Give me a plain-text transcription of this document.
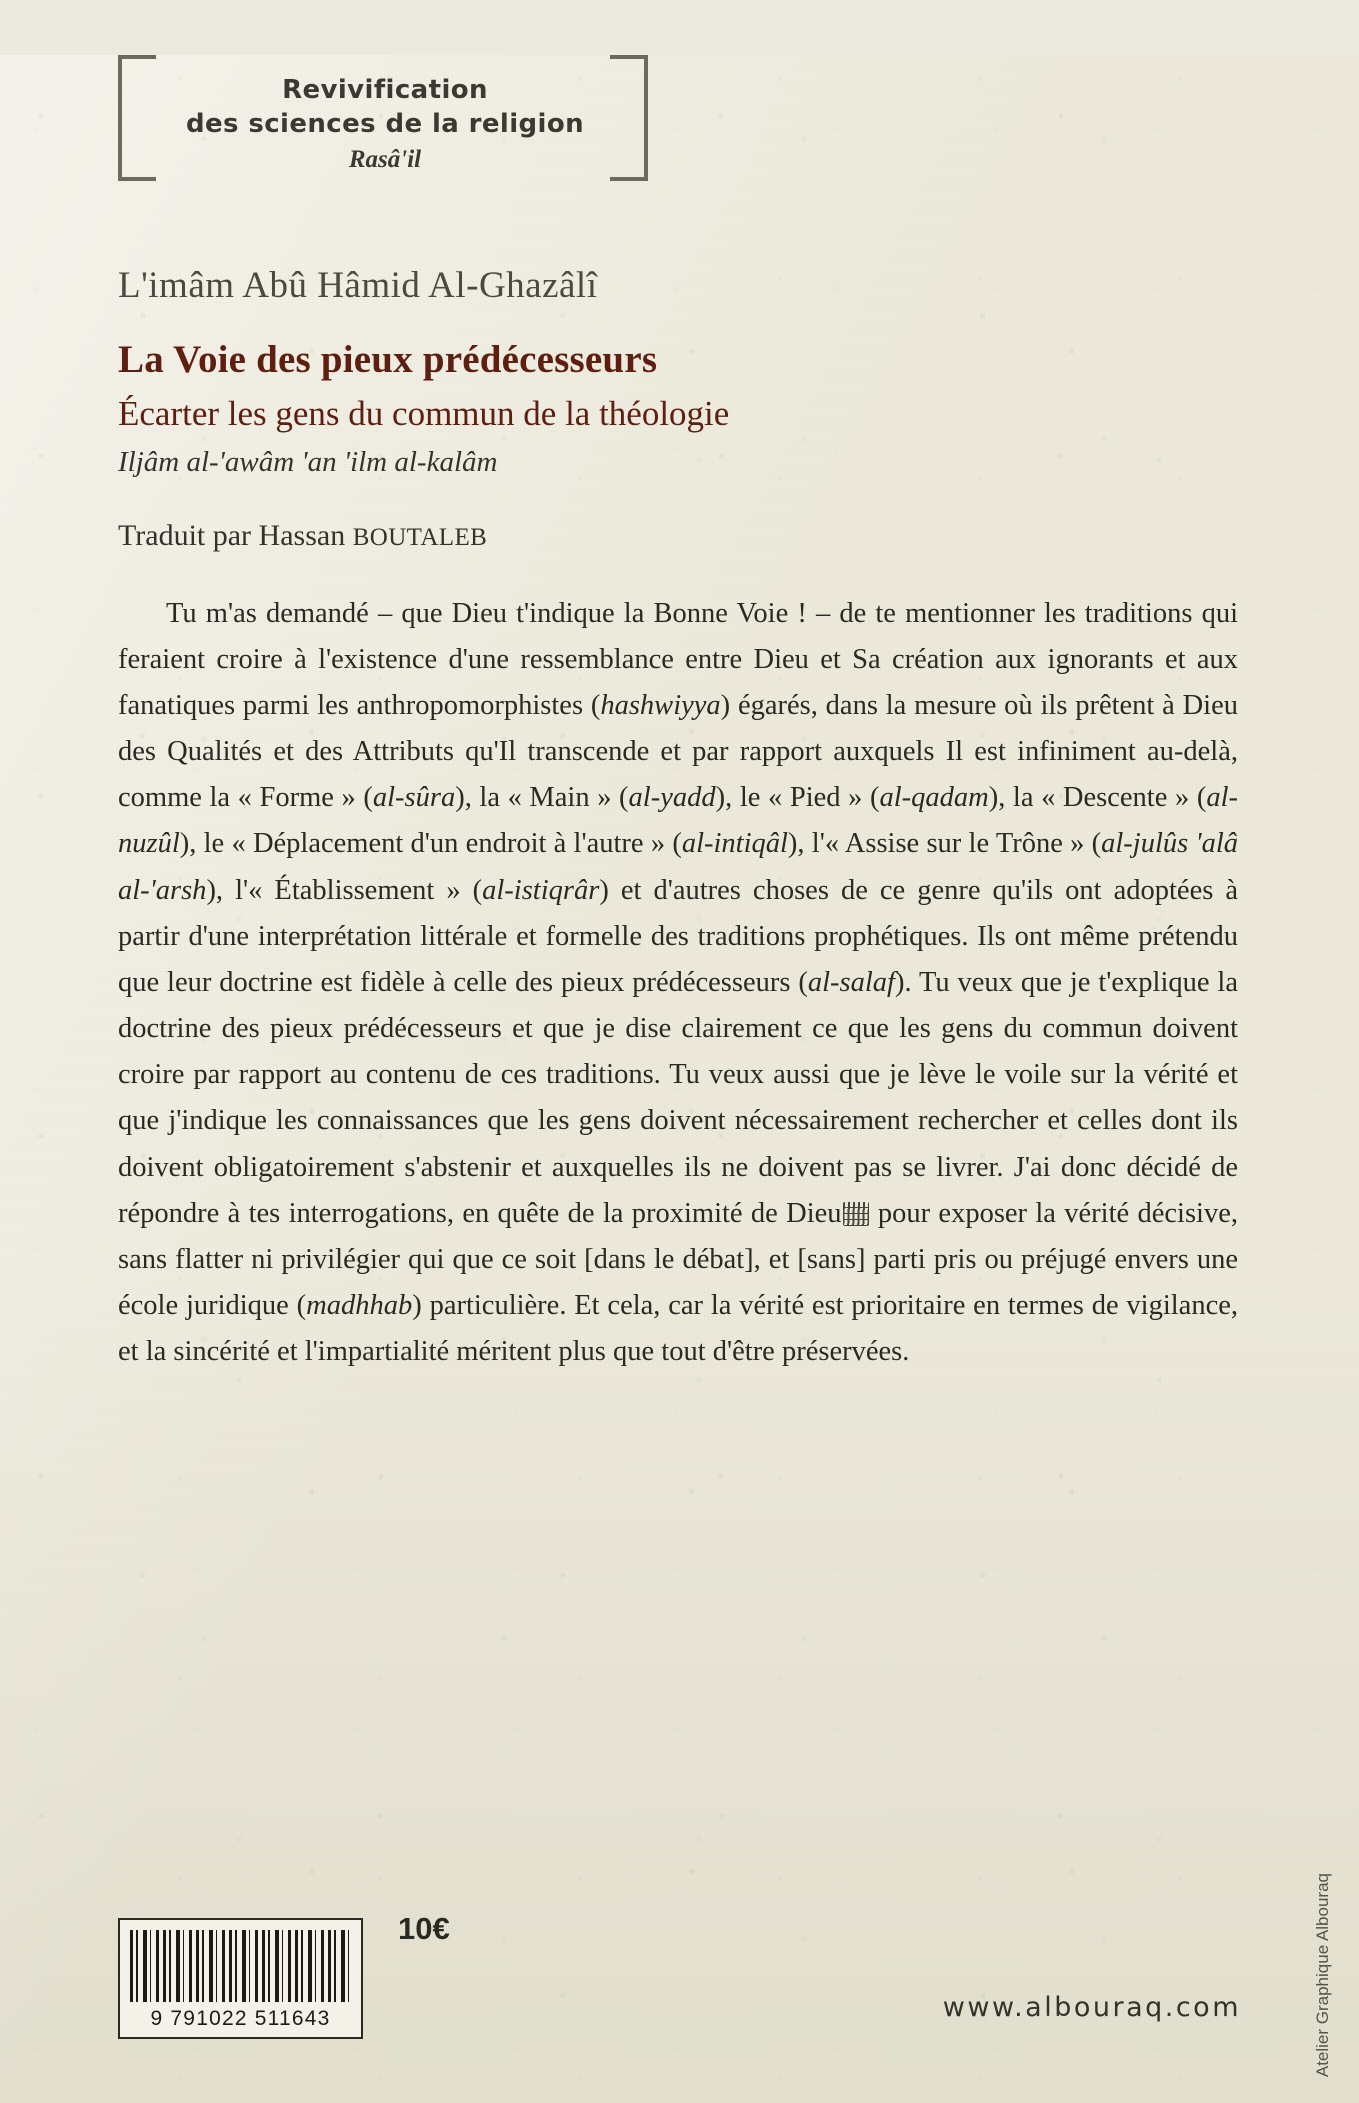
Revivification
des sciences de la religion
Rasâ'il
L'imâm Abû Hâmid Al-Ghazâlî
La Voie des pieux prédécesseurs
Écarter les gens du commun de la théologie
Iljâm al-'awâm 'an 'ilm al-kalâm
Traduit par Hassan BOUTALEB

Tu m'as demandé – que Dieu t'indique la Bonne Voie ! – de te mentionner les traditions qui feraient croire à l'existence d'une ressemblance entre Dieu et Sa création aux ignorants et aux fanatiques parmi les anthropomorphistes (hashwiyya) égarés, dans la mesure où ils prêtent à Dieu des Qualités et des Attributs qu'Il transcende et par rapport auxquels Il est infiniment au-delà, comme la « Forme » (al-sûra), la « Main » (al-yadd), le « Pied » (al-qadam), la « Descente » (al-nuzûl), le « Déplacement d'un endroit à l'autre » (al-intiqâl), l'« Assise sur le Trône » (al-julûs 'alâ al-'arsh), l'« Établissement » (al-istiqrâr) et d'autres choses de ce genre qu'ils ont adoptées à partir d'une interprétation littérale et formelle des traditions prophétiques. Ils ont même prétendu que leur doctrine est fidèle à celle des pieux prédécesseurs (al-salaf). Tu veux que je t'explique la doctrine des pieux prédécesseurs et que je dise clairement ce que les gens du commun doivent croire par rapport au contenu de ces traditions. Tu veux aussi que je lève le voile sur la vérité et que j'indique les connaissances que les gens doivent nécessairement rechercher et celles dont ils doivent obligatoirement s'abstenir et auxquelles ils ne doivent pas se livrer. J'ai donc décidé de répondre à tes interrogations, en quête de la proximité de Dieu pour exposer la vérité décisive, sans flatter ni privilégier qui que ce soit [dans le débat], et [sans] parti pris ou préjugé envers une école juridique (madhhab) particulière. Et cela, car la vérité est prioritaire en termes de vigilance, et la sincérité et l'impartialité méritent plus que tout d'être préservées.

Atelier Graphique Albouraq
9 791022 511643
10€
www.albouraq.com
